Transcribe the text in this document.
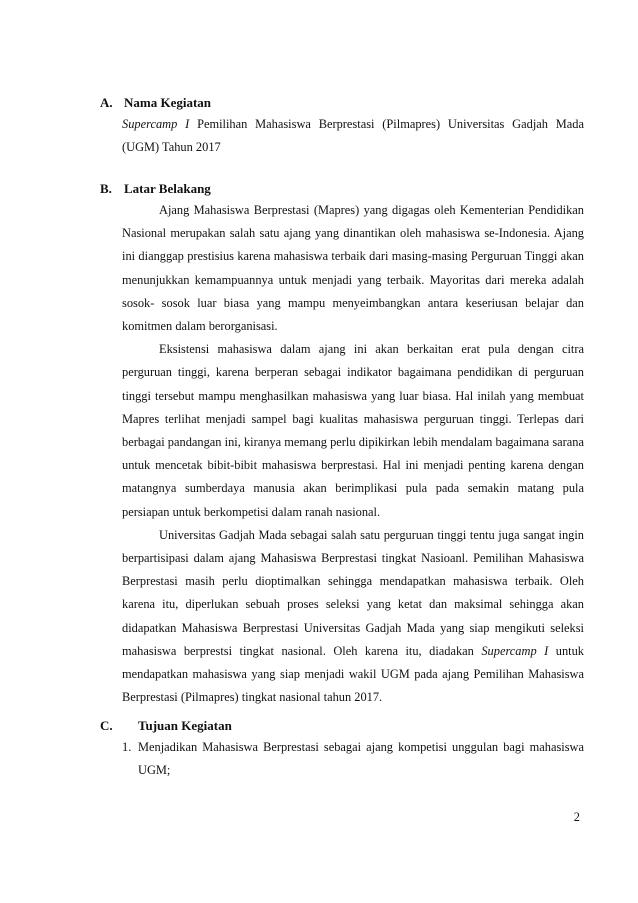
A. Nama Kegiatan

Supercamp I Pemilihan Mahasiswa Berprestasi (Pilmapres) Universitas Gadjah Mada (UGM) Tahun 2017

B. Latar Belakang

Ajang Mahasiswa Berprestasi (Mapres) yang digagas oleh Kementerian Pendidikan Nasional merupakan salah satu ajang yang dinantikan oleh mahasiswa se-Indonesia. Ajang ini dianggap prestisius karena mahasiswa terbaik dari masing-masing Perguruan Tinggi akan menunjukkan kemampuannya untuk menjadi yang terbaik. Mayoritas dari mereka adalah sosok- sosok luar biasa yang mampu menyeimbangkan antara keseriusan belajar dan komitmen dalam berorganisasi.

Eksistensi mahasiswa dalam ajang ini akan berkaitan erat pula dengan citra perguruan tinggi, karena berperan sebagai indikator bagaimana pendidikan di perguruan tinggi tersebut mampu menghasilkan mahasiswa yang luar biasa. Hal inilah yang membuat Mapres terlihat menjadi sampel bagi kualitas mahasiswa perguruan tinggi. Terlepas dari berbagai pandangan ini, kiranya memang perlu dipikirkan lebih mendalam bagaimana sarana untuk mencetak bibit-bibit mahasiswa berprestasi. Hal ini menjadi penting karena dengan matangnya sumberdaya manusia akan berimplikasi pula pada semakin matang pula persiapan untuk berkompetisi dalam ranah nasional.

Universitas Gadjah Mada sebagai salah satu perguruan tinggi tentu juga sangat ingin berpartisipasi dalam ajang Mahasiswa Berprestasi tingkat Nasioanl. Pemilihan Mahasiswa Berprestasi masih perlu dioptimalkan sehingga mendapatkan mahasiswa terbaik. Oleh karena itu, diperlukan sebuah proses seleksi yang ketat dan maksimal sehingga akan didapatkan Mahasiswa Berprestasi Universitas Gadjah Mada yang siap mengikuti seleksi mahasiswa berprestsi tingkat nasional. Oleh karena itu, diadakan Supercamp I untuk mendapatkan mahasiswa yang siap menjadi wakil UGM pada ajang Pemilihan Mahasiswa Berprestasi (Pilmapres) tingkat nasional tahun 2017.

C. Tujuan Kegiatan

1. Menjadikan Mahasiswa Berprestasi sebagai ajang kompetisi unggulan bagi mahasiswa UGM;

2
